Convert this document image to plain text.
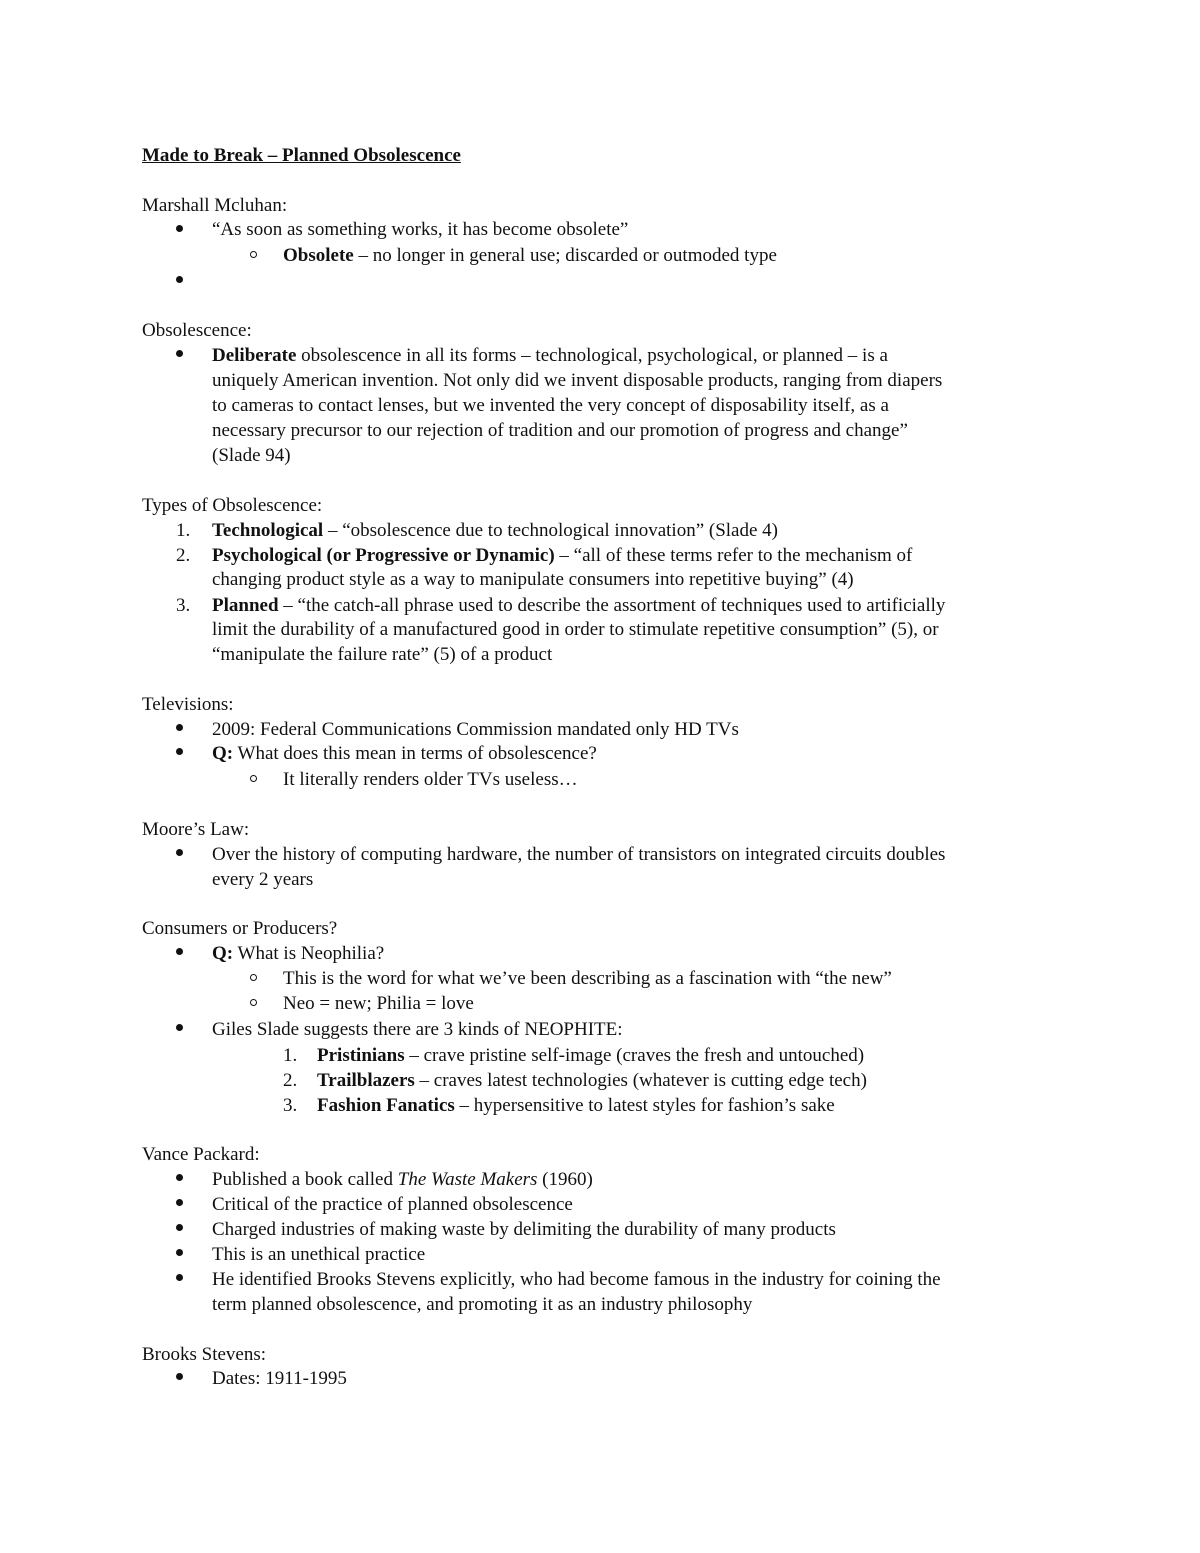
Made to Break – Planned Obsolescence
Marshall Mcluhan:
“As soon as something works, it has become obsolete”
Obsolete – no longer in general use; discarded or outmoded type
Obsolescence:
Deliberate obsolescence in all its forms – technological, psychological, or planned – is a
uniquely American invention. Not only did we invent disposable products, ranging from diapers
to cameras to contact lenses, but we invented the very concept of disposability itself, as a
necessary precursor to our rejection of tradition and our promotion of progress and change”
(Slade 94)
Types of Obsolescence:
1. Technological – “obsolescence due to technological innovation” (Slade 4)
2. Psychological (or Progressive or Dynamic) – “all of these terms refer to the mechanism of
changing product style as a way to manipulate consumers into repetitive buying” (4)
3. Planned – “the catch-all phrase used to describe the assortment of techniques used to artificially
limit the durability of a manufactured good in order to stimulate repetitive consumption” (5), or
“manipulate the failure rate” (5) of a product
Televisions:
2009: Federal Communications Commission mandated only HD TVs
Q: What does this mean in terms of obsolescence?
It literally renders older TVs useless…
Moore’s Law:
Over the history of computing hardware, the number of transistors on integrated circuits doubles
every 2 years
Consumers or Producers?
Q: What is Neophilia?
This is the word for what we’ve been describing as a fascination with “the new”
Neo = new; Philia = love
Giles Slade suggests there are 3 kinds of NEOPHITE:
1. Pristinians – crave pristine self-image (craves the fresh and untouched)
2. Trailblazers – craves latest technologies (whatever is cutting edge tech)
3. Fashion Fanatics – hypersensitive to latest styles for fashion’s sake
Vance Packard:
Published a book called The Waste Makers (1960)
Critical of the practice of planned obsolescence
Charged industries of making waste by delimiting the durability of many products
This is an unethical practice
He identified Brooks Stevens explicitly, who had become famous in the industry for coining the
term planned obsolescence, and promoting it as an industry philosophy
Brooks Stevens:
Dates: 1911-1995
